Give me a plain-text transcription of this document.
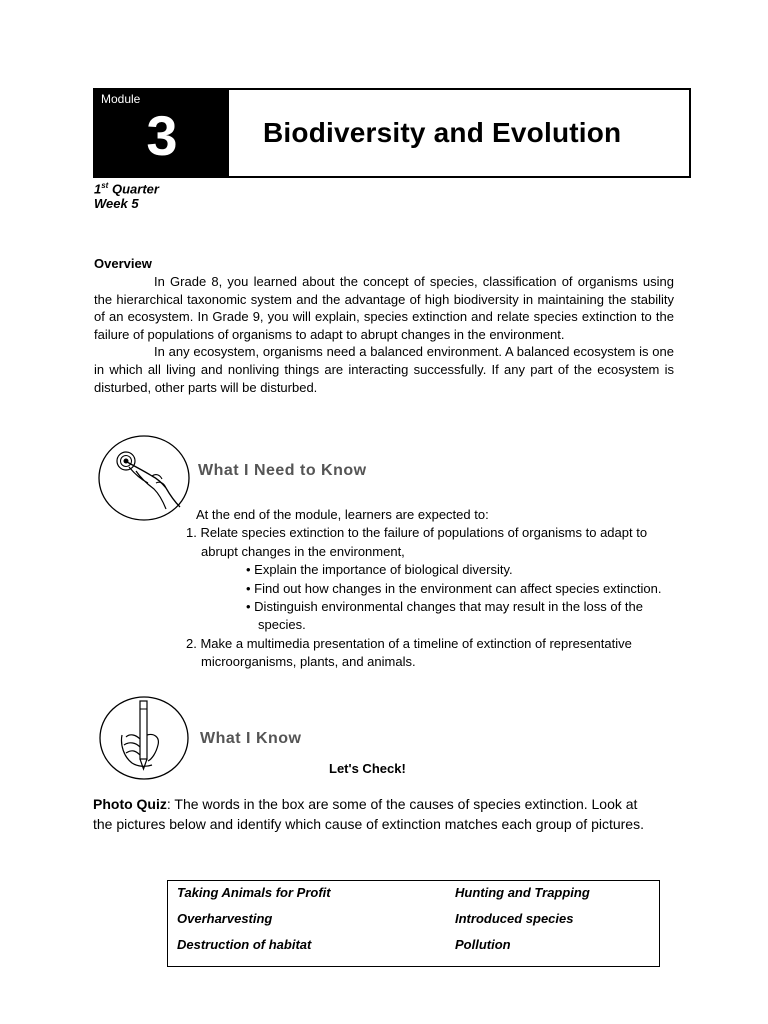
Module
3	Biodiversity and Evolution
1st Quarter
Week 5
Overview

In Grade 8, you learned about the concept of species, classification of organisms using the hierarchical taxonomic system and the advantage of high biodiversity in maintaining the stability of an ecosystem. In Grade 9, you will explain, species extinction and relate species extinction to the failure of populations of organisms to adapt to abrupt changes in the environment.

In any ecosystem, organisms need a balanced environment. A balanced ecosystem is one in which all living and nonliving things are interacting successfully. If any part of the ecosystem is disturbed, other parts will be disturbed.

What I Need to Know
At the end of the module, learners are expected to:
1. Relate species extinction to the failure of populations of organisms to adapt to abrupt changes in the environment,
• Explain the importance of biological diversity.
• Find out how changes in the environment can affect species extinction.
• Distinguish environmental changes that may result in the loss of the species.
2. Make a multimedia presentation of a timeline of extinction of representative microorganisms, plants, and animals.
What I Know
Let's Check!
Photo Quiz: The words in the box are some of the causes of species extinction. Look at the pictures below and identify which cause of extinction matches each group of pictures.
Taking Animals for Profit	Hunting and Trapping
Overharvesting	Introduced species
Destruction of habitat	Pollution
